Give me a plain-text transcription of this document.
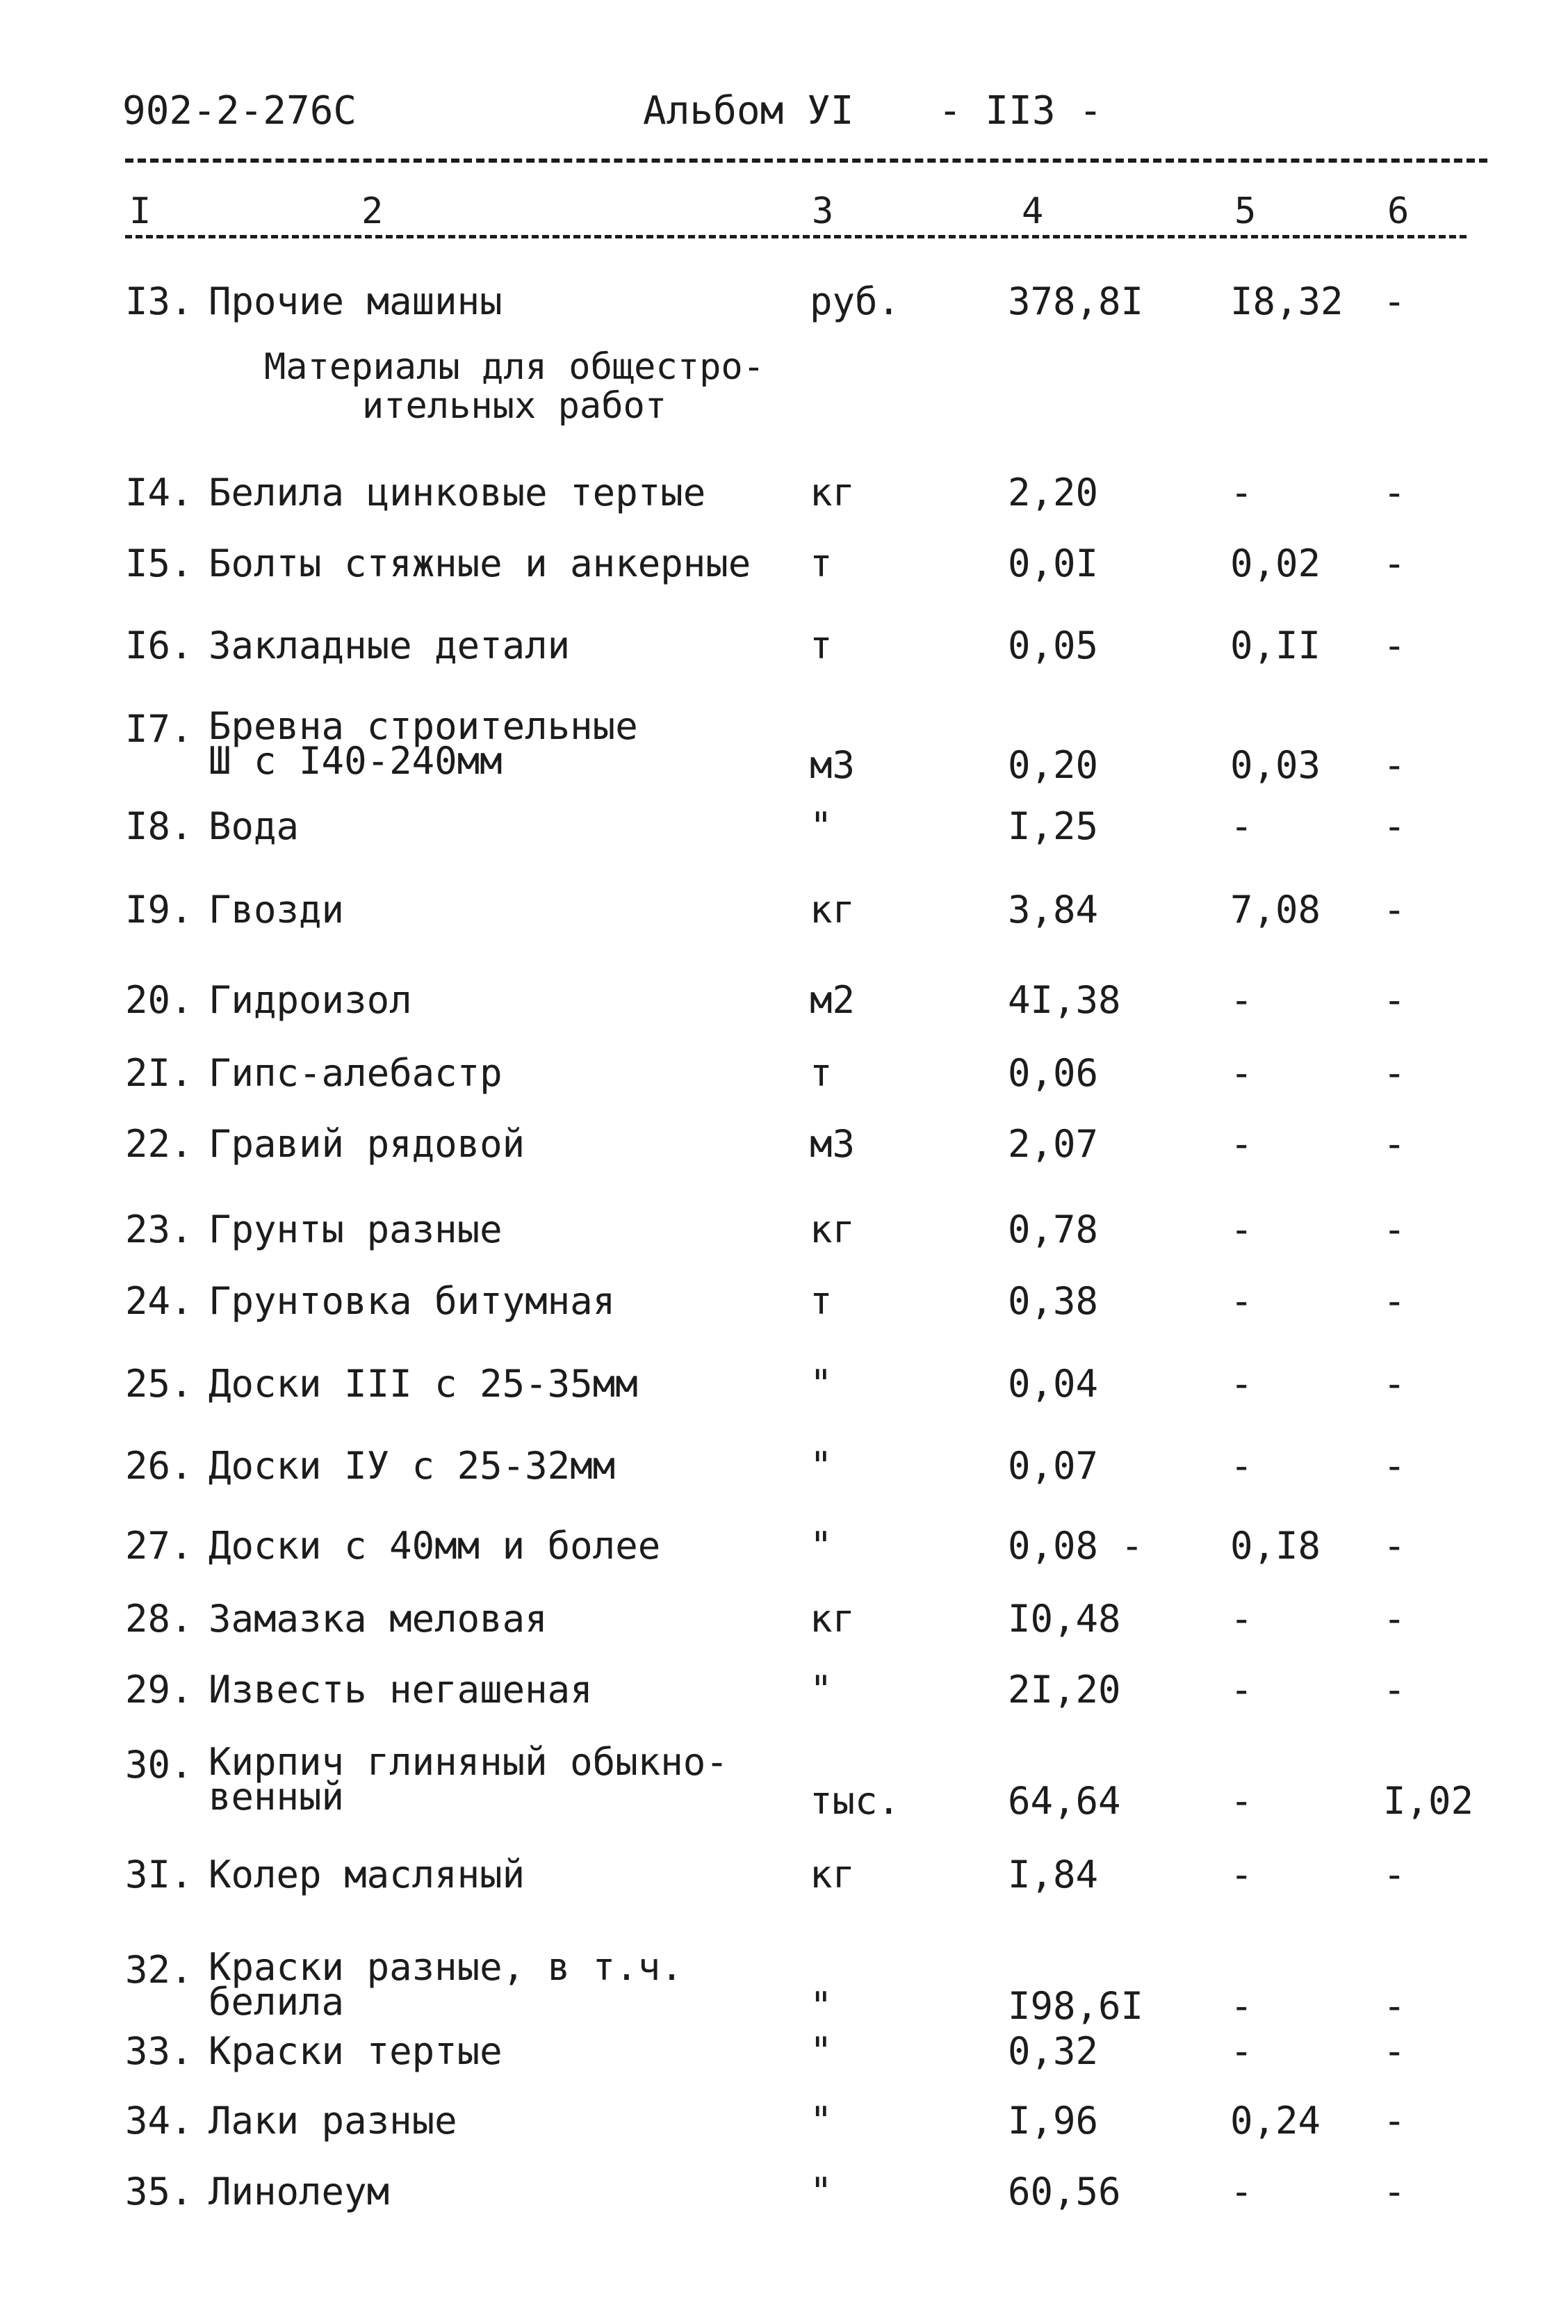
902-2-276С	Альбом УI - II3 -
I	2	3	4	5	6
I3. Прочие машины	руб.	378,8I I8,32 -
Материалы для общестро-
ительных работ
I4. Белила цинковые тертые	кг	2,20	-	-
I5. Болты стяжные и анкерные т	0,0I	0,02 -
I6. Закладные детали	т	0,05	0,II -
I7. Бревна строительные
Ш с I40-240мм	м3	0,20	0,03 -
I8. Вода	"	I,25	-	-
I9. Гвозди	кг	3,84	7,08 -
20. Гидроизол	м2	4I,38	-	-
2I. Гипс-алебастр	т	0,06	-	-
22. Гравий рядовой	м3	2,07	-	-
23. Грунты разные	кг	0,78	-	-
24. Грунтовка битумная	т	0,38	-	-
25. Доски III с 25-35мм	"	0,04	-	-
26. Доски IУ с 25-32мм	"	0,07	-	-
27. Доски с 40мм и более	"	0,08 - 0,I8 -
28. Замазка меловая	кг	I0,48	-	-
29. Известь негашеная	"	2I,20	-	-
30. Кирпич глиняный обыкно-
венный	тыс.	64,64	-	I,02
3I. Колер масляный	кг	I,84	-	-
32. Краски разные, в т.ч.
белила	"	I98,6I -	-
33. Краски тертые	"	0,32	-	-
34. Лаки разные	"	I,96	0,24 -
35. Линолеум	"	60,56	-	-
